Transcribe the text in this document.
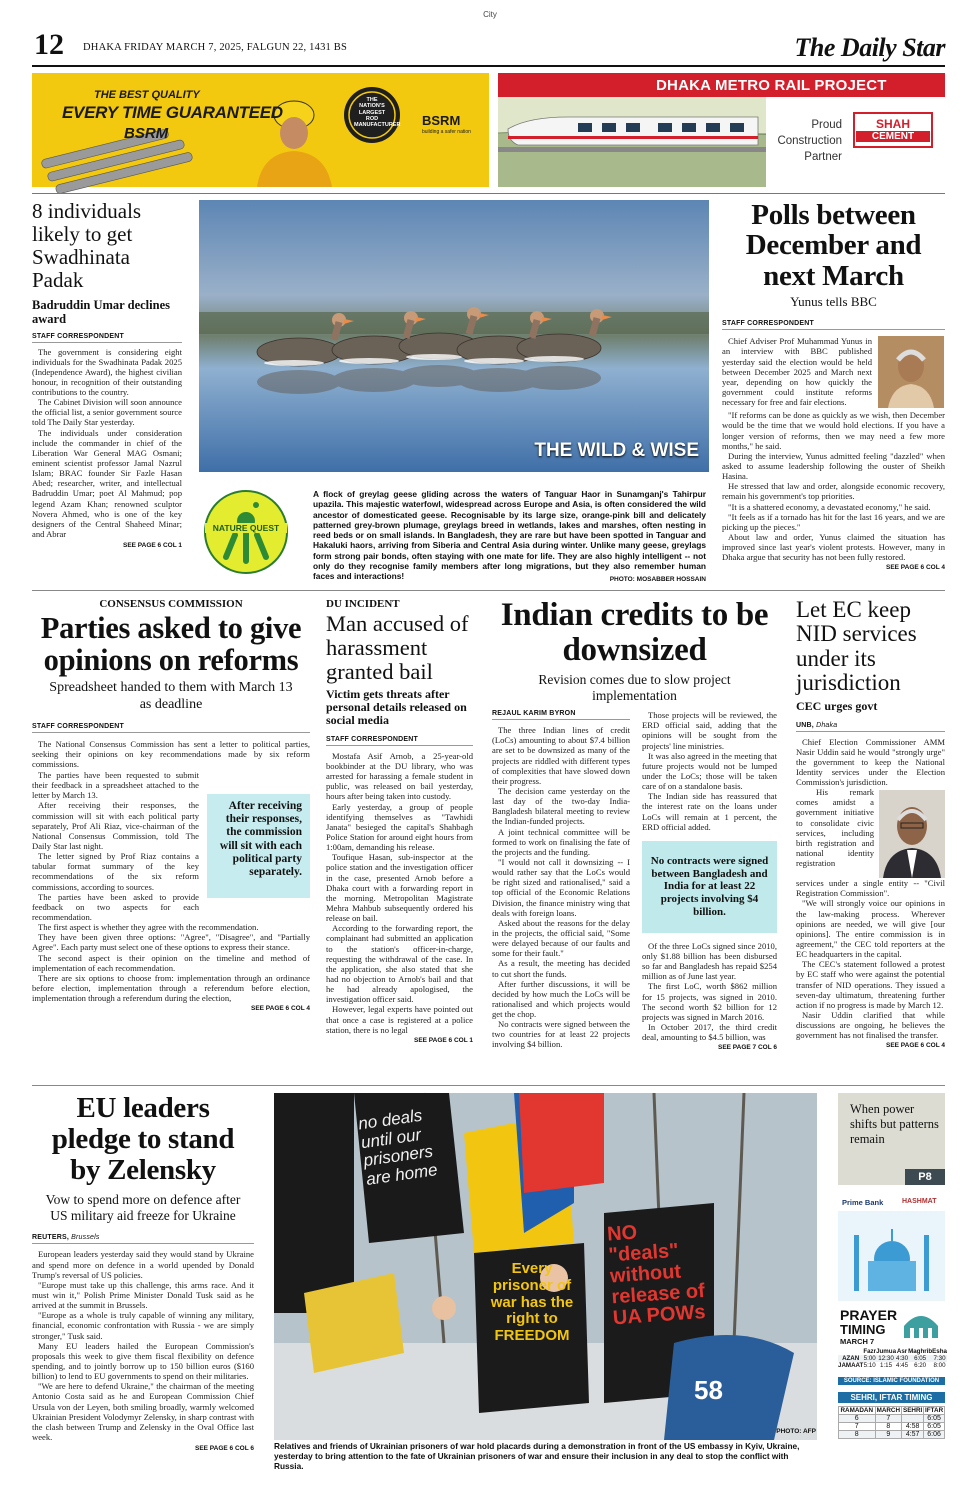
City
12 DHAKA FRIDAY MARCH 7, 2025, FALGUN 22, 1431 BS	The Daily Star
THE BEST QUALITY
EVERY TIME GUARANTEED
BSRM
THE NATION'S LARGEST ROD MANUFACTURER BSRM
building a safer nation
DHAKA METRO RAIL PROJECT
Proud
Construction
Partner
SHAH
CEMENT
8 individuals likely to get Swadhinata Padak
Badruddin Umar declines award
STAFF CORRESPONDENT

The government is considering eight individuals for the Swadhinata Padak 2025 (Independence Award), the highest civilian honour, in recognition of their outstanding contributions to the country.

The Cabinet Division will soon announce the official list, a senior government source told The Daily Star yesterday.

The individuals under consideration include the commander in chief of the Liberation War General MAG Osmani; eminent scientist professor Jamal Nazrul Islam; BRAC founder Sir Fazle Hasan Abed; researcher, writer, and intellectual Badruddin Umar; poet Al Mahmud; pop legend Azam Khan; renowned sculptor Novera Ahmed, who is one of the key designers of the Central Shaheed Minar; and Abrar

SEE PAGE 6 COL 1
THE WILD & WISE
NATURE QUEST
A flock of greylag geese gliding across the waters of Tanguar Haor in Sunamganj's Tahirpur upazila. This majestic waterfowl, widespread across Europe and Asia, is often considered the wild ancestor of domesticated geese. Recognisable by its large size, orange-pink bill and delicately patterned grey-brown plumage, greylags breed in wetlands, lakes and marshes, often nesting in reed beds or on small islands. In Bangladesh, they are rare but have been spotted in Tanguar and Hakaluki haors, arriving from Siberia and Central Asia during winter. Unlike many geese, greylags form strong pair bonds, often staying with one mate for life. They are also highly intelligent -- not only do they recognise family members after long migrations, but they also remember human faces and interactions!	PHOTO: MOSABBER HOSSAIN
Polls between December and next March
Yunus tells BBC
STAFF CORRESPONDENT

Chief Adviser Prof Muhammad Yunus in an interview with BBC published yesterday said the election would be held between December 2025 and March next year, depending on how quickly the government could institute reforms necessary for free and fair elections.

"If reforms can be done as quickly as we wish, then December would be the time that we would hold elections. If you have a longer version of reforms, then we may need a few more months," he said.

During the interview, Yunus admitted feeling "dazzled" when asked to assume leadership following the ouster of Sheikh Hasina.

He stressed that law and order, alongside economic recovery, remain his government's top priorities.

"It is a shattered economy, a devastated economy," he said.

"It feels as if a tornado has hit for the last 16 years, and we are picking up the pieces."

About law and order, Yunus claimed the situation has improved since last year's violent protests. However, many in Dhaka argue that security has not been fully restored.

SEE PAGE 6 COL 4
CONSENSUS COMMISSION
Parties asked to give opinions on reforms
Spreadsheet handed to them with March 13 as deadline
STAFF CORRESPONDENT

The National Consensus Commission has sent a letter to political parties, seeking their opinions on key recommendations made by six reform commissions.

The parties have been requested to submit their feedback in a spreadsheet attached to the letter by March 13.

After receiving their responses, the commission will sit with each political party separately, Prof Ali Riaz, vice-chairman of the National Consensus Commission, told The Daily Star last night.

The letter signed by Prof Riaz contains a tabular format summary of the key recommendations of the six reform commissions, according to sources.

The parties have been asked to provide feedback on two aspects for each recommendation.

After receiving their responses, the commission will sit with each political party separately.

The first aspect is whether they agree with the recommendation.

They have been given three options: "Agree", "Disagree", and "Partially Agree". Each party must select one of these options to express their stance.

The second aspect is their opinion on the timeline and method of implementation of each recommendation.

There are six options to choose from: implementation through an ordinance before election, implementation through a referendum before election, implementation through a referendum during the election,

SEE PAGE 6 COL 4
DU INCIDENT
Man accused of harassment granted bail
Victim gets threats after personal details released on social media
STAFF CORRESPONDENT

Mostafa Asif Arnob, a 25-year-old bookbinder at the DU library, who was arrested for harassing a female student in public, was released on bail yesterday, hours after being taken into custody.

Early yesterday, a group of people identifying themselves as "Tawhidi Janata" besieged the capital's Shahbagh Police Station for around eight hours from 1:00am, demanding his release.

Toufique Hasan, sub-inspector at the police station and the investigation officer in the case, presented Arnob before a Dhaka court with a forwarding report in the morning. Metropolitan Magistrate Mehra Mahbub subsequently ordered his release on bail.

According to the forwarding report, the complainant had submitted an application to the station's officer-in-charge, requesting the withdrawal of the case. In the application, she also stated that she had no objection to Arnob's bail and that he had already apologised, the investigation officer said.

However, legal experts have pointed out that once a case is registered at a police station, there is no legal

SEE PAGE 6 COL 1
Indian credits to be downsized
Revision comes due to slow project implementation
REJAUL KARIM BYRON

The three Indian lines of credit (LoCs) amounting to about $7.4 billion are set to be downsized as many of the projects are riddled with different types of complexities that have slowed down their progress.

The decision came yesterday on the last day of the two-day India-Bangladesh bilateral meeting to review the Indian-funded projects.

A joint technical committee will be formed to work on finalising the fate of the projects and the funding.

"I would not call it downsizing -- I would rather say that the LoCs would be right sized and rationalised," said a top official of the Economic Relations Division, the finance ministry wing that deals with foreign loans.

Asked about the reasons for the delay in the projects, the official said, "Some were delayed because of our faults and some for their fault."

As a result, the meeting has decided to cut short the funds.

After further discussions, it will be decided by how much the LoCs will be rationalised and which projects would get the chop.

No contracts were signed between the two countries for at least 22 projects involving $4 billion.

Those projects will be reviewed, the ERD official said, adding that the opinions will be sought from the projects' line ministries.

It was also agreed in the meeting that future projects would not be lumped under the LoCs; those will be taken care of on a standalone basis.

The Indian side has reassured that the interest rate on the loans under LoCs will remain at 1 percent, the ERD official added.

No contracts were signed between Bangladesh and India for at least 22 projects involving $4 billion.

Of the three LoCs signed since 2010, only $1.88 billion has been disbursed so far and Bangladesh has repaid $254 million as of June last year.

The first LoC, worth $862 million for 15 projects, was signed in 2010. The second worth $2 billion for 12 projects was signed in March 2016.

In October 2017, the third credit deal, amounting to $4.5 billion, was

SEE PAGE 7 COL 6
Let EC keep NID services under its jurisdiction
CEC urges govt
UNB, Dhaka

Chief Election Commissioner AMM Nasir Uddin said he would "strongly urge" the government to keep the National Identity services under the Election Commission's jurisdiction.

His remark comes amidst a government initiative to consolidate civic services, including birth registration and national identity registration

services under a single entity -- "Civil Registration Commission".

"We will strongly voice our opinions in the law-making process. Wherever opinions are needed, we will give [our opinions]. The entire commission is in agreement," the CEC told reporters at the EC headquarters in the capital.

The CEC's statement followed a protest by EC staff who were against the potential transfer of NID operations. They issued a seven-day ultimatum, threatening further action if no progress is made by March 12.

Nasir Uddin clarified that while discussions are ongoing, he believes the government has not finalised the transfer.

SEE PAGE 6 COL 4
EU leaders pledge to stand by Zelensky
Vow to spend more on defence after US military aid freeze for Ukraine
REUTERS, Brussels

European leaders yesterday said they would stand by Ukraine and spend more on defence in a world upended by Donald Trump's reversal of US policies.

"Europe must take up this challenge, this arms race. And it must win it," Polish Prime Minister Donald Tusk said as he arrived at the summit in Brussels.

"Europe as a whole is truly capable of winning any military, financial, economic confrontation with Russia - we are simply stronger," Tusk said.

Many EU leaders hailed the European Commission's proposals this week to give them fiscal flexibility on defence spending, and to jointly borrow up to 150 billion euros ($160 billion) to lend to EU governments to spend on their militaries.

"We are here to defend Ukraine," the chairman of the meeting Antonio Costa said as he and European Commission Chief Ursula von der Leyen, both smiling broadly, warmly welcomed Ukrainian President Volodymyr Zelensky, in sharp contrast with the clash between Trump and Zelensky in the Oval Office last week.

SEE PAGE 6 COL 6
no deals until our prisoners are home
NO "deals" without release of UA POWs
Every prisoner of war has the right to FREEDOM
58
PHOTO: AFP
Relatives and friends of Ukrainian prisoners of war hold placards during a demonstration in front of the US embassy in Kyiv, Ukraine, yesterday to bring attention to the fate of Ukrainian prisoners of war and ensure their inclusion in any deal to stop the conflict with Russia.
When power shifts but patterns remain
P8
Prime Bank	HASHMAT
PRAYER
TIMING
MARCH 7
	Fazr	Jumua	Asr	Maghrib	Esha
AZAN	5:00	12:30	4:30	6:05	7:30
JAMAAT	5:10	1:15	4:45	6:20	8:00
SOURCE: ISLAMIC FOUNDATION
SEHRI, IFTAR TIMING
RAMADAN	MARCH	SEHRI	IFTAR
6	7		6:05
7	8	4:58	6:05
8	9	4:57	6:06
